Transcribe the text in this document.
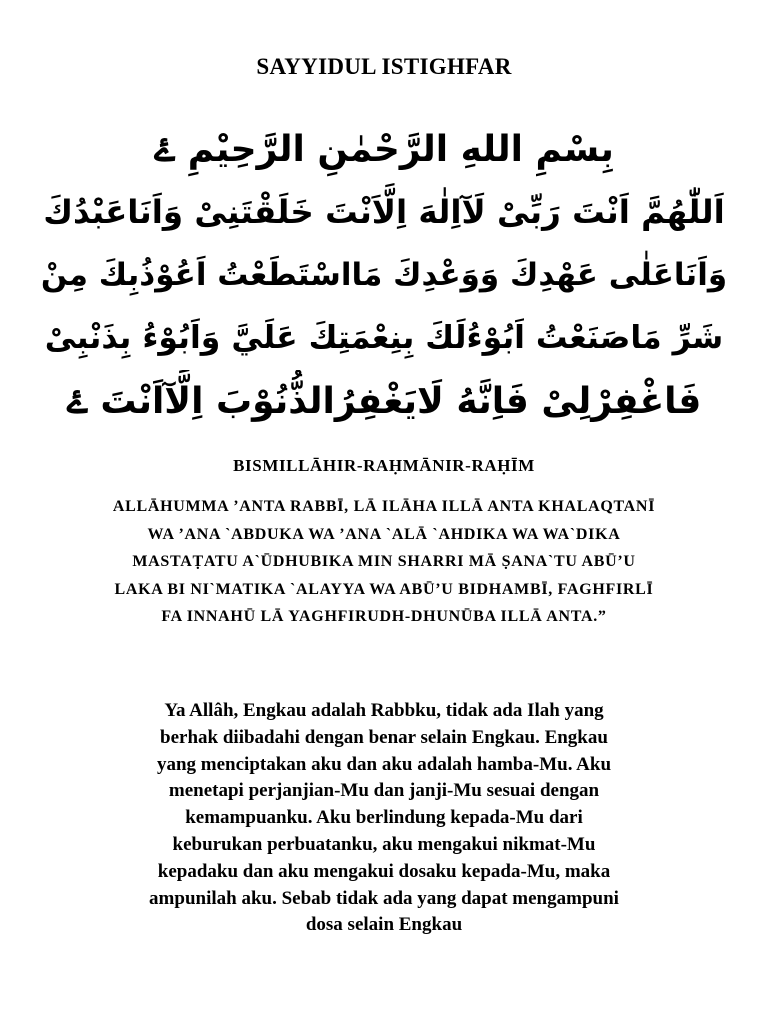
SAYYIDUL ISTIGHFAR
بِسْمِ اللهِ الرَّحْمٰنِ الرَّحِيْمِ ۓ
اَللّٰهُمَّ اَنْتَ رَبِّىْ لَآاِلٰهَ اِلَّاَنْتَ خَلَقْتَنِىْ وَاَنَاعَبْدُكَ
وَاَنَاعَلٰى عَهْدِكَ وَوَعْدِكَ مَااسْتَطَعْتُ اَعُوْذُبِكَ مِنْ
شَرِّ مَاصَنَعْتُ اَبُوْءُلَكَ بِنِعْمَتِكَ عَلَيَّ وَاَبُوْءُ بِذَنْبِىْ
فَاغْفِرْلِىْ فَاِنَّهُ لَايَغْفِرُالذُّنُوْبَ اِلَّآاَنْتَ ۓ
BISMILLĀHIR-RAḤMĀNIR-RAḤĪM
ALLĀHUMMA ’ANTA RABBĪ, LĀ ILĀHA ILLĀ ANTA KHALAQTANĪ
WA ’ANA `ABDUKA WA ’ANA `ALĀ `AHDIKA WA WA`DIKA
MASTAṬATU A`ŪDHUBIKA MIN SHARRI MĀ ṢANA`TU ABŪ’U
LAKA BI NI`MATIKA `ALAYYA WA ABŪ’U BIDHAMBĪ, FAGHFIRLĪ
FA INNAHŪ LĀ YAGHFIRUDH-DHUNŪBA ILLĀ ANTA.”
Ya Allâh, Engkau adalah Rabbku, tidak ada Ilah yang
berhak diibadahi dengan benar selain Engkau. Engkau
yang menciptakan aku dan aku adalah hamba-Mu. Aku
menetapi perjanjian-Mu dan janji-Mu sesuai dengan
kemampuanku. Aku berlindung kepada-Mu dari
keburukan perbuatanku, aku mengakui nikmat-Mu
kepadaku dan aku mengakui dosaku kepada-Mu, maka
ampunilah aku. Sebab tidak ada yang dapat mengampuni
dosa selain Engkau
